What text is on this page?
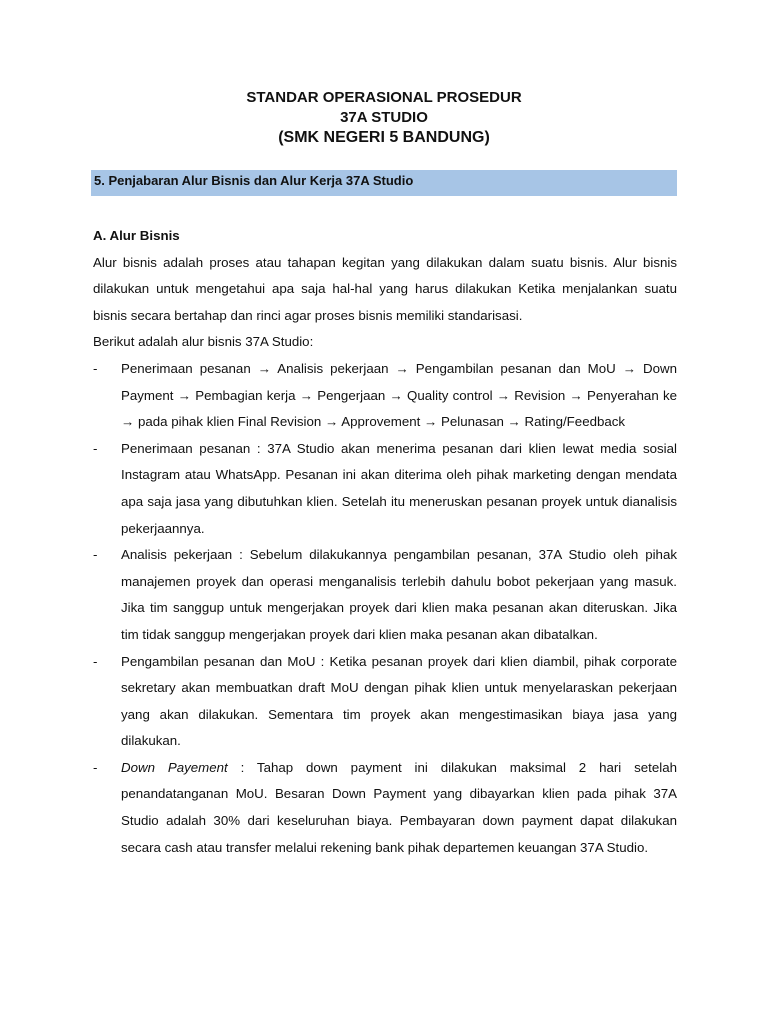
STANDAR OPERASIONAL PROSEDUR
37A STUDIO
(SMK NEGERI 5 BANDUNG)
5. Penjabaran Alur Bisnis dan Alur Kerja 37A Studio
A. Alur Bisnis
Alur bisnis adalah proses atau tahapan kegitan yang dilakukan dalam suatu bisnis. Alur bisnis dilakukan untuk mengetahui apa saja hal-hal yang harus dilakukan Ketika menjalankan suatu bisnis secara bertahap dan rinci agar proses bisnis memiliki standarisasi.
Berikut adalah alur bisnis 37A Studio:
- Penerimaan pesanan → Analisis pekerjaan → Pengambilan pesanan dan MoU → Down Payment → Pembagian kerja → Pengerjaan → Quality control → Revision → Penyerahan ke → pada pihak klien Final Revision → Approvement → Pelunasan → Rating/Feedback
- Penerimaan pesanan : 37A Studio akan menerima pesanan dari klien lewat media sosial Instagram atau WhatsApp. Pesanan ini akan diterima oleh pihak marketing dengan mendata apa saja jasa yang dibutuhkan klien. Setelah itu meneruskan pesanan proyek untuk dianalisis pekerjaannya.
- Analisis pekerjaan : Sebelum dilakukannya pengambilan pesanan, 37A Studio oleh pihak manajemen proyek dan operasi menganalisis terlebih dahulu bobot pekerjaan yang masuk. Jika tim sanggup untuk mengerjakan proyek dari klien maka pesanan akan diteruskan. Jika tim tidak sanggup mengerjakan proyek dari klien maka pesanan akan dibatalkan.
- Pengambilan pesanan dan MoU : Ketika pesanan proyek dari klien diambil, pihak corporate sekretary akan membuatkan draft MoU dengan pihak klien untuk menyelaraskan pekerjaan yang akan dilakukan. Sementara tim proyek akan mengestimasikan biaya jasa yang dilakukan.
- Down Payement : Tahap down payment ini dilakukan maksimal 2 hari setelah penandatanganan MoU. Besaran Down Payment yang dibayarkan klien pada pihak 37A Studio adalah 30% dari keseluruhan biaya. Pembayaran down payment dapat dilakukan secara cash atau transfer melalui rekening bank pihak departemen keuangan 37A Studio.
